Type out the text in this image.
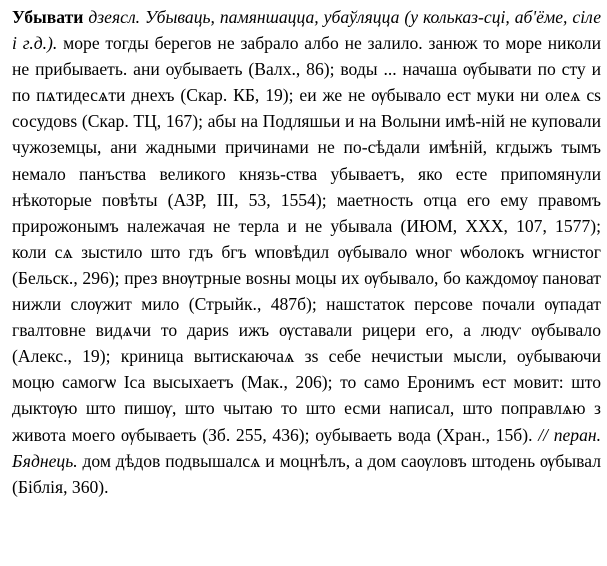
Убывати дзеясл. Убываць, памяншацца, убаўляцца (у кольказ-сці, аб'ёме, сіле і г.д.). море тогды берегов не забрало албо не залило. занюж то море николи не прибываеть. ани оубываеть (Валх., 86); воды ... начаша ѹбывати по сту и по пѧтидесѧти днехъ (Скар. КБ, 19); еи же не ѹбывало ест муки ни олеѧ сs сосудовs (Скар. ТЦ, 167); абы на Подляшьи и на Волыни имѣ-ній не куповали чужоземцы, ани жадными причинами не по-сѣдали имѣній, кгдыжъ тымъ немало панъства великого князь-ства убываетъ, яко есте припомянули нѣкоторые повѣты (АЗР, III, 53, 1554); маетность отца его ему правомъ прирожонымъ належачая не терла и не убывала (ИЮМ, XXX, 107, 1577); коли сѧ зыстило што гдъ бгъ ѡповѣдил ѹбывало ѡног ѡболокъ ѡгнистог (Бельск., 296); през внѹтрные воsны моцы их ѹбывало, бо каждомѹ пановат нижли слѹжит мило (Стрыйк., 487б); нашстаток персове почали ѹпадат гвалтовне видѧчи то дариs ижъ ѹставали рицери его, а людѵ ѹбывало (Алекс., 19); криница вытискаючаѧ зs себе нечистыи мысли, оубываючи моцю самогѡ Іса высыхаетъ (Мак., 206); то само Еронимъ ест мовит: што дыктѹю што пишѹ, што чытаю то што есми написал, што поправлѧю з живота моего ѹбываеть (Зб. 255, 436); оубываеть вода (Хран., 15б). // перан. Бяднець. дом дѣдов подвышалсѧ и моцнѣлъ, а дом саѹловъ штодень ѹбывал (Біблія, 360).
